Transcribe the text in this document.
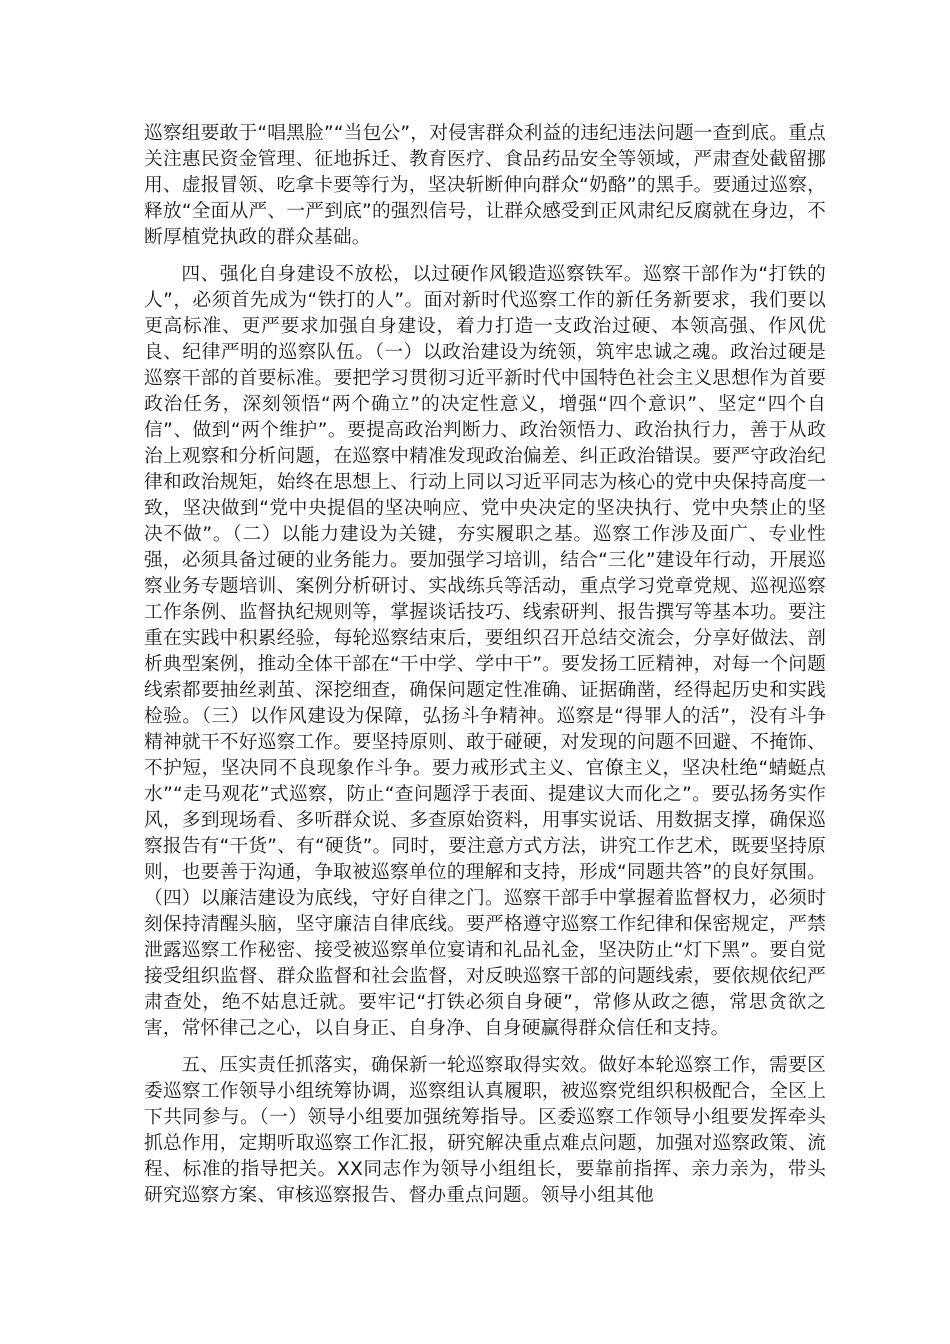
巡察组要敢于“唱黑脸”“当包公”，对侵害群众利益的违纪违法问题一查到底。重点关注惠民资金管理、征地拆迁、教育医疗、食品药品安全等领域，严肃查处截留挪用、虚报冒领、吃拿卡要等行为，坚决斩断伸向群众“奶酪”的黑手。要通过巡察，释放“全面从严、一严到底”的强烈信号，让群众感受到正风肃纪反腐就在身边，不断厚植党执政的群众基础。

四、强化自身建设不放松，以过硬作风锻造巡察铁军。巡察干部作为“打铁的人”，必须首先成为“铁打的人”。面对新时代巡察工作的新任务新要求，我们要以更高标准、更严要求加强自身建设，着力打造一支政治过硬、本领高强、作风优良、纪律严明的巡察队伍。（一）以政治建设为统领，筑牢忠诚之魂。政治过硬是巡察干部的首要标准。要把学习贯彻习近平新时代中国特色社会主义思想作为首要政治任务，深刻领悟“两个确立”的决定性意义，增强“四个意识”、坚定“四个自信”、做到“两个维护”。要提高政治判断力、政治领悟力、政治执行力，善于从政治上观察和分析问题，在巡察中精准发现政治偏差、纠正政治错误。要严守政治纪律和政治规矩，始终在思想上、行动上同以习近平同志为核心的党中央保持高度一致，坚决做到“党中央提倡的坚决响应、党中央决定的坚决执行、党中央禁止的坚决不做”。（二）以能力建设为关键，夯实履职之基。巡察工作涉及面广、专业性强，必须具备过硬的业务能力。要加强学习培训，结合“三化”建设年行动，开展巡察业务专题培训、案例分析研讨、实战练兵等活动，重点学习党章党规、巡视巡察工作条例、监督执纪规则等，掌握谈话技巧、线索研判、报告撰写等基本功。要注重在实践中积累经验，每轮巡察结束后，要组织召开总结交流会，分享好做法、剖析典型案例，推动全体干部在“干中学、学中干”。要发扬工匠精神，对每一个问题线索都要抽丝剥茧、深挖细查，确保问题定性准确、证据确凿，经得起历史和实践检验。（三）以作风建设为保障，弘扬斗争精神。巡察是“得罪人的活”，没有斗争精神就干不好巡察工作。要坚持原则、敢于碰硬，对发现的问题不回避、不掩饰、不护短，坚决同不良现象作斗争。要力戒形式主义、官僚主义，坚决杜绝“蜻蜓点水”“走马观花”式巡察，防止“查问题浮于表面、提建议大而化之”。要弘扬务实作风，多到现场看、多听群众说、多查原始资料，用事实说话、用数据支撑，确保巡察报告有“干货”、有“硬货”。同时，要注意方式方法，讲究工作艺术，既要坚持原则，也要善于沟通，争取被巡察单位的理解和支持，形成“同题共答”的良好氛围。（四）以廉洁建设为底线，守好自律之门。巡察干部手中掌握着监督权力，必须时刻保持清醒头脑，坚守廉洁自律底线。要严格遵守巡察工作纪律和保密规定，严禁泄露巡察工作秘密、接受被巡察单位宴请和礼品礼金，坚决防止“灯下黑”。要自觉接受组织监督、群众监督和社会监督，对反映巡察干部的问题线索，要依规依纪严肃查处，绝不姑息迁就。要牢记“打铁必须自身硬”，常修从政之德，常思贪欲之害，常怀律己之心，以自身正、自身净、自身硬赢得群众信任和支持。

五、压实责任抓落实，确保新一轮巡察取得实效。做好本轮巡察工作，需要区委巡察工作领导小组统筹协调，巡察组认真履职，被巡察党组织积极配合，全区上下共同参与。（一）领导小组要加强统筹指导。区委巡察工作领导小组要发挥牵头抓总作用，定期听取巡察工作汇报，研究解决重点难点问题，加强对巡察政策、流程、标准的指导把关。XX同志作为领导小组组长，要靠前指挥、亲力亲为，带头研究巡察方案、审核巡察报告、督办重点问题。领导小组其他
